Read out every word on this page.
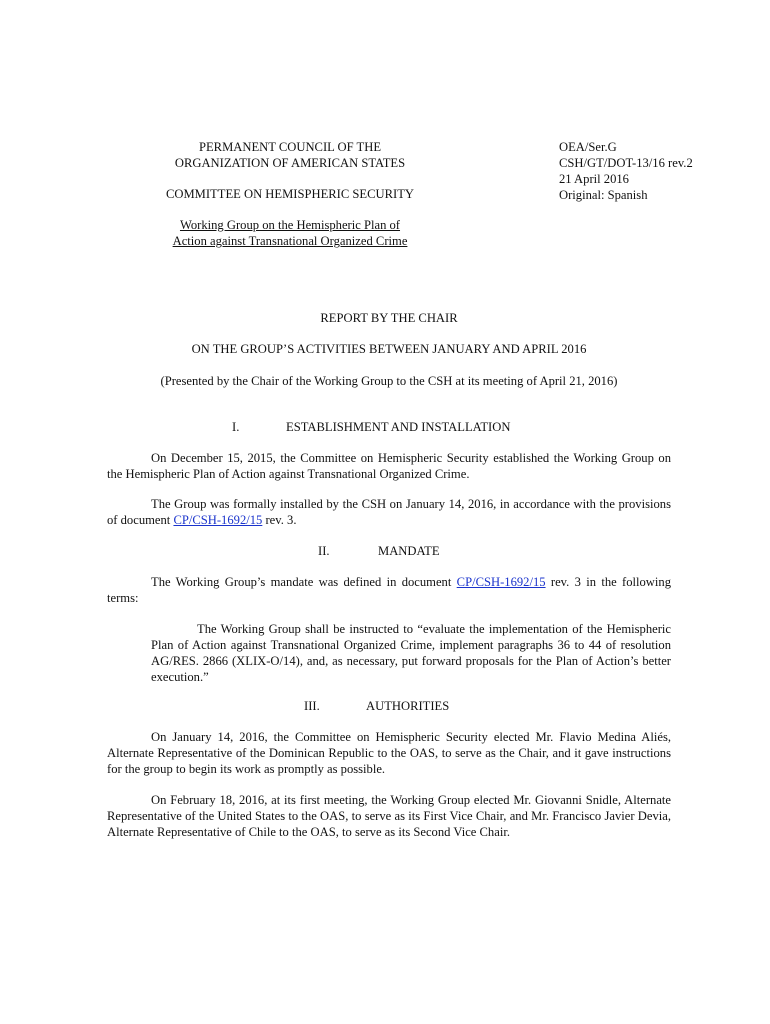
PERMANENT COUNCIL OF THE
ORGANIZATION OF AMERICAN STATES
COMMITTEE ON HEMISPHERIC SECURITY
Working Group on the Hemispheric Plan of
Action against Transnational Organized Crime
OEA/Ser.G
CSH/GT/DOT-13/16 rev.2
21 April 2016
Original: Spanish
REPORT BY THE CHAIR
ON THE GROUP’S ACTIVITIES BETWEEN JANUARY AND APRIL 2016
(Presented by the Chair of the Working Group to the CSH at its meeting of April 21, 2016)
I.	ESTABLISHMENT AND INSTALLATION
On December 15, 2015, the Committee on Hemispheric Security established the Working Group on the Hemispheric Plan of Action against Transnational Organized Crime.
The Group was formally installed by the CSH on January 14, 2016, in accordance with the provisions of document CP/CSH-1692/15 rev. 3.
II.	MANDATE
The Working Group’s mandate was defined in document CP/CSH-1692/15 rev. 3 in the following terms:
The Working Group shall be instructed to “evaluate the implementation of the Hemispheric Plan of Action against Transnational Organized Crime, implement paragraphs 36 to 44 of resolution AG/RES. 2866 (XLIX-O/14), and, as necessary, put forward proposals for the Plan of Action’s better execution.”
III.	AUTHORITIES
On January 14, 2016, the Committee on Hemispheric Security elected Mr. Flavio Medina Aliés, Alternate Representative of the Dominican Republic to the OAS, to serve as the Chair, and it gave instructions for the group to begin its work as promptly as possible.
On February 18, 2016, at its first meeting, the Working Group elected Mr. Giovanni Snidle, Alternate Representative of the United States to the OAS, to serve as its First Vice Chair, and Mr. Francisco Javier Devia, Alternate Representative of Chile to the OAS, to serve as its Second Vice Chair.
